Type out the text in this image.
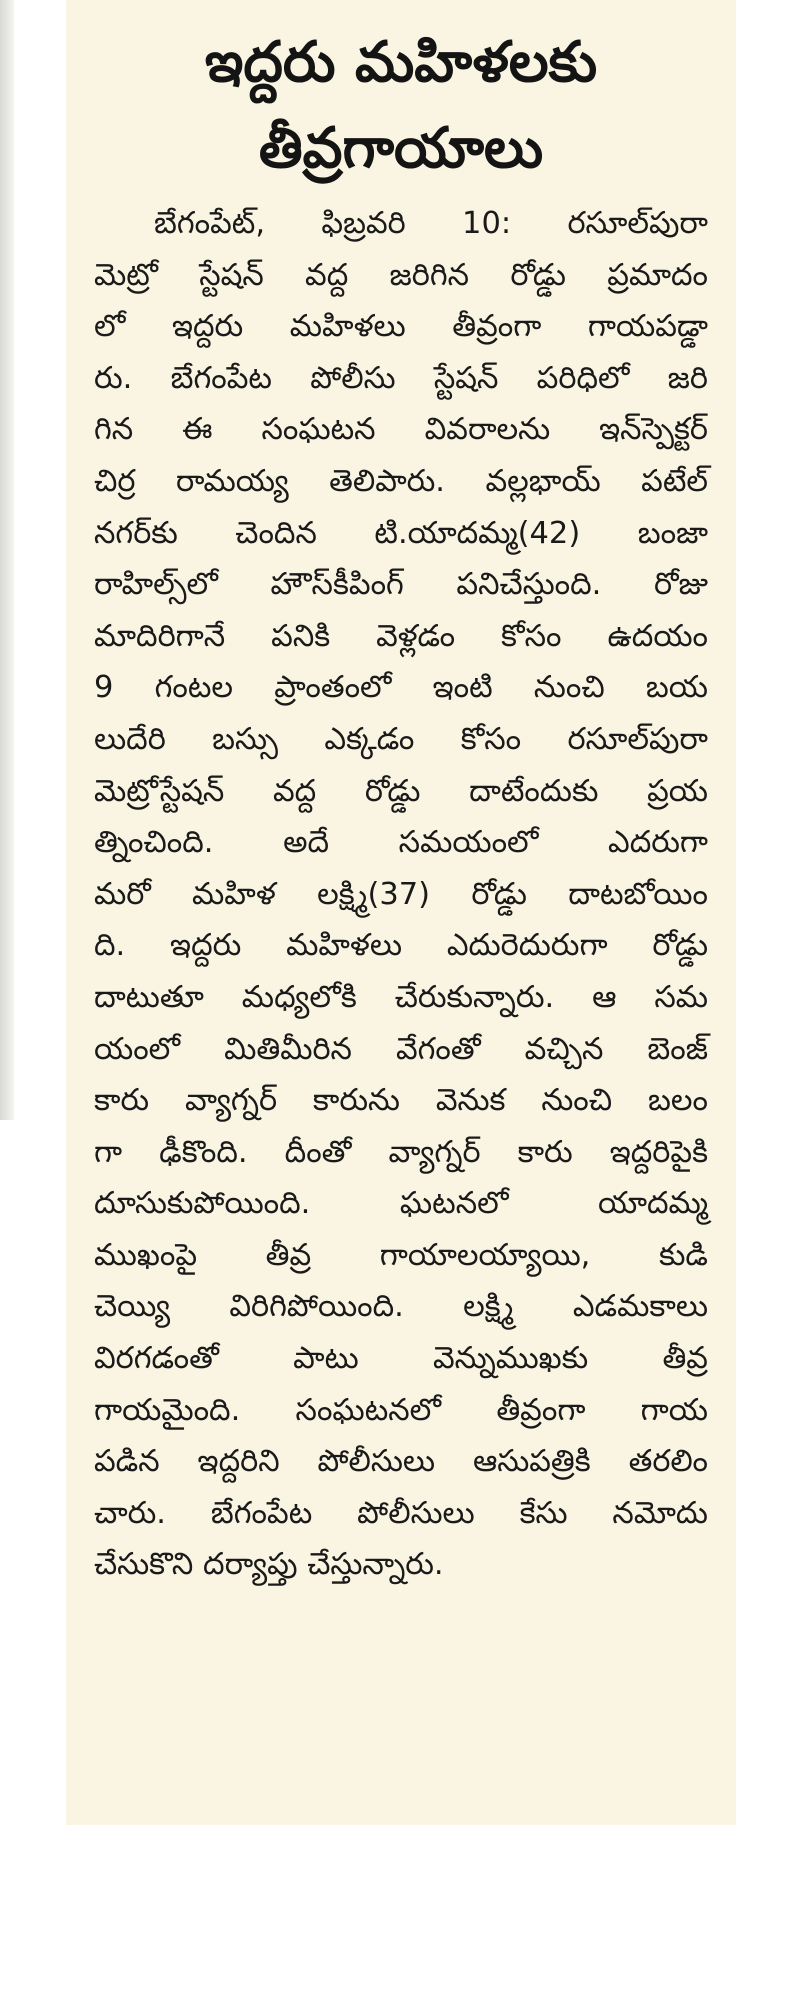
ఇద్దరు మహిళలకు
తీవ్రగాయాలు
బేగంపేట్, ఫిబ్రవరి 10: రసూల్‌పురా
మెట్రో స్టేషన్ వద్ద జరిగిన రోడ్డు ప్రమాదం
లో ఇద్దరు మహిళలు తీవ్రంగా గాయపడ్డా
రు. బేగంపేట పోలీసు స్టేషన్ పరిధిలో జరి
గిన ఈ సంఘటన వివరాలను ఇన్‌స్పెక్టర్
చిర్ర రామయ్య తెలిపారు. వల్లభాయ్ పటేల్
నగర్‌కు చెందిన టి.యాదమ్మ(42) బంజా
రాహిల్స్‌లో హౌస్‌కీపింగ్ పనిచేస్తుంది. రోజు
మాదిరిగానే పనికి వెళ్లడం కోసం ఉదయం
9 గంటల ప్రాంతంలో ఇంటి నుంచి బయ
లుదేరి బస్సు ఎక్కడం కోసం రసూల్‌పురా
మెట్రోస్టేషన్ వద్ద రోడ్డు దాటేందుకు ప్రయ
త్నించింది. అదే సమయంలో ఎదరుగా
మరో మహిళ లక్ష్మి(37) రోడ్డు దాటబోయిం
ది. ఇద్దరు మహిళలు ఎదురెదురుగా రోడ్డు
దాటుతూ మధ్యలోకి చేరుకున్నారు. ఆ సమ
యంలో మితిమీరిన వేగంతో వచ్చిన బెంజ్
కారు వ్యాగ్నర్ కారును వెనుక నుంచి బలం
గా ఢీకొంది. దీంతో వ్యాగ్నర్ కారు ఇద్దరిపైకి
దూసుకుపోయింది. ఘటనలో యాదమ్మ
ముఖంపై తీవ్ర గాయాలయ్యాయి, కుడి
చెయ్యి విరిగిపోయింది. లక్ష్మి ఎడమకాలు
విరగడంతో పాటు వెన్నుముఖకు తీవ్ర
గాయమైంది. సంఘటనలో తీవ్రంగా గాయ
పడిన ఇద్దరిని పోలీసులు ఆసుపత్రికి తరలిం
చారు. బేగంపేట పోలీసులు కేసు నమోదు
చేసుకొని దర్యాప్తు చేస్తున్నారు.
